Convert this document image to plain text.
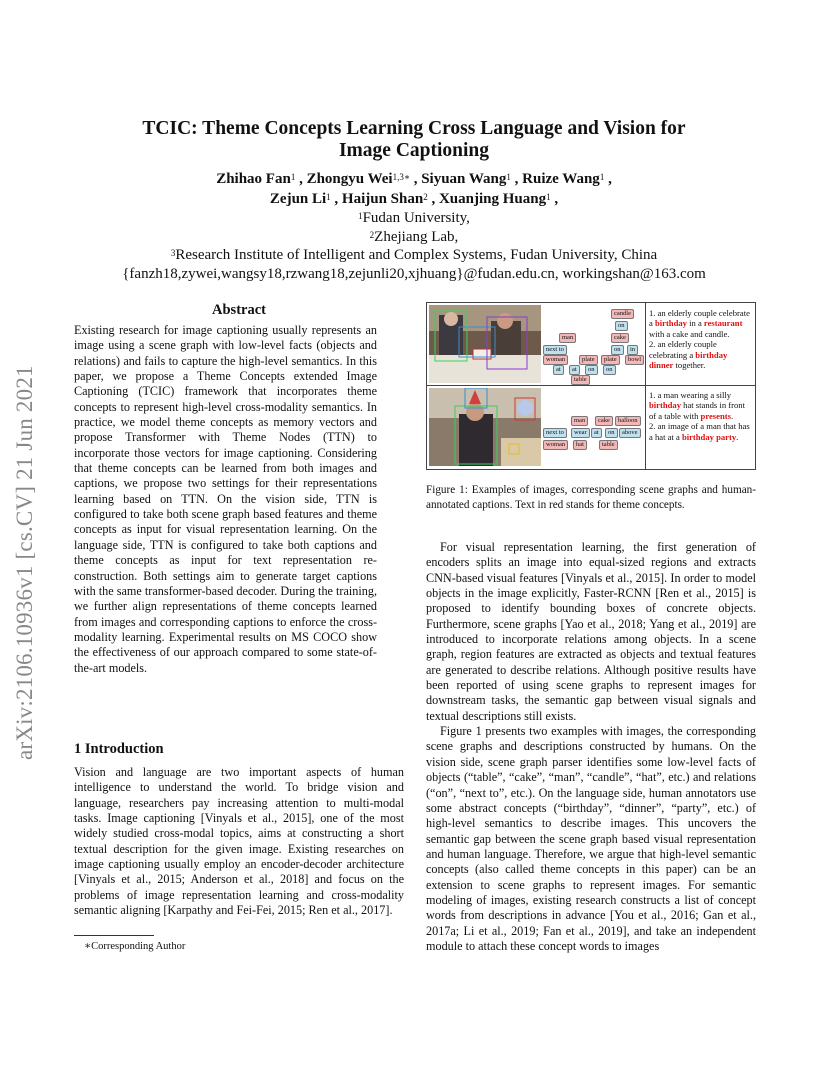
arXiv:2106.10936v1 [cs.CV] 21 Jun 2021
TCIC: Theme Concepts Learning Cross Language and Vision for
Image Captioning
Zhihao Fan$^1$ , Zhongyu Wei$^{1,3∗}$ , Siyuan Wang$^1$ , Ruize Wang$^1$ ,
Zejun Li$^1$ , Haijun Shan$^2$ , Xuanjing Huang$^1$ ,
$^1$Fudan University,
$^2$Zhejiang Lab,
$^3$Research Institute of Intelligent and Complex Systems, Fudan University, China
{fanzh18,zywei,wangsy18,rzwang18,zejunli20,xjhuang}@fudan.edu.cn, workingshan@163.com
Abstract
Existing research for image captioning usually represents an image using a scene graph with low-level facts (objects and relations) and fails to capture the high-level semantics. In this paper, we propose a Theme Concepts extended Image Captioning (TCIC) framework that incorporates theme concepts to represent high-level cross-modality semantics. In practice, we model theme concepts as memory vectors and propose Transformer with Theme Nodes (TTN) to incorporate those vectors for image captioning. Considering that theme concepts can be learned from both images and captions, we propose two settings for their representations learning based on TTN. On the vision side, TTN is configured to take both scene graph based features and theme concepts as input for visual representation learning. On the language side, TTN is configured to take both captions and theme concepts as input for text representation re-construction. Both settings aim to generate target captions with the same transformer-based decoder. During the training, we further align representations of theme concepts learned from images and corresponding captions to enforce the cross-modality learning. Experimental results on MS COCO show the effectiveness of our approach compared to some state-of-the-art models.
1 Introduction
Vision and language are two important aspects of human intelligence to understand the world. To bridge vision and language, researchers pay increasing attention to multi-modal tasks. Image captioning [Vinyals et al., 2015], one of the most widely studied cross-modal topics, aims at constructing a short textual description for the given image. Existing researches on image captioning usually employ an encoder-decoder architecture [Vinyals et al., 2015; Anderson et al., 2018] and focus on the problems of image representation learning and cross-modality semantic aligning [Karpathy and Fei-Fei, 2015; Ren et al., 2017].
∗Corresponding Author
candle
on
man	cake
next to	on	in
woman	plate	plate	bowl
at	at	on	on
table
1. an elderly couple celebrate a birthday in a restaurant with a cake and candle.
2. an elderly couple celebrating a birthday dinner together.
man	cake	balloon
next to	wear	at	on	above
woman	hat	table
1. a man wearing a silly birthday hat stands in front of a table with presents.
2. an image of a man that has a hat at a birthday party.
Figure 1: Examples of images, corresponding scene graphs and human-annotated captions. Text in red stands for theme concepts.

For visual representation learning, the first generation of encoders splits an image into equal-sized regions and extracts CNN-based visual features [Vinyals et al., 2015]. In order to model objects in the image explicitly, Faster-RCNN [Ren et al., 2015] is proposed to identify bounding boxes of concrete objects. Furthermore, scene graphs [Yao et al., 2018; Yang et al., 2019] are introduced to incorporate relations among objects. In a scene graph, region features are extracted as objects and textual features are generated to describe relations. Although positive results have been reported of using scene graphs to represent images for downstream tasks, the semantic gap between visual signals and textual descriptions still exists.

Figure 1 presents two examples with images, the corresponding scene graphs and descriptions constructed by humans. On the vision side, scene graph parser identifies some low-level facts of objects (“table”, “cake”, “man”, “candle”, “hat”, etc.) and relations (“on”, “next to”, etc.). On the language side, human annotators use some abstract concepts (“birthday”, “dinner”, “party”, etc.) of high-level semantics to describe images. This uncovers the semantic gap between the scene graph based visual representation and human language. Therefore, we argue that high-level semantic concepts (also called theme concepts in this paper) can be an extension to scene graphs to represent images. For semantic modeling of images, existing research constructs a list of concept words from descriptions in advance [You et al., 2016; Gan et al., 2017a; Li et al., 2019; Fan et al., 2019], and take an independent module to attach these concept words to images
